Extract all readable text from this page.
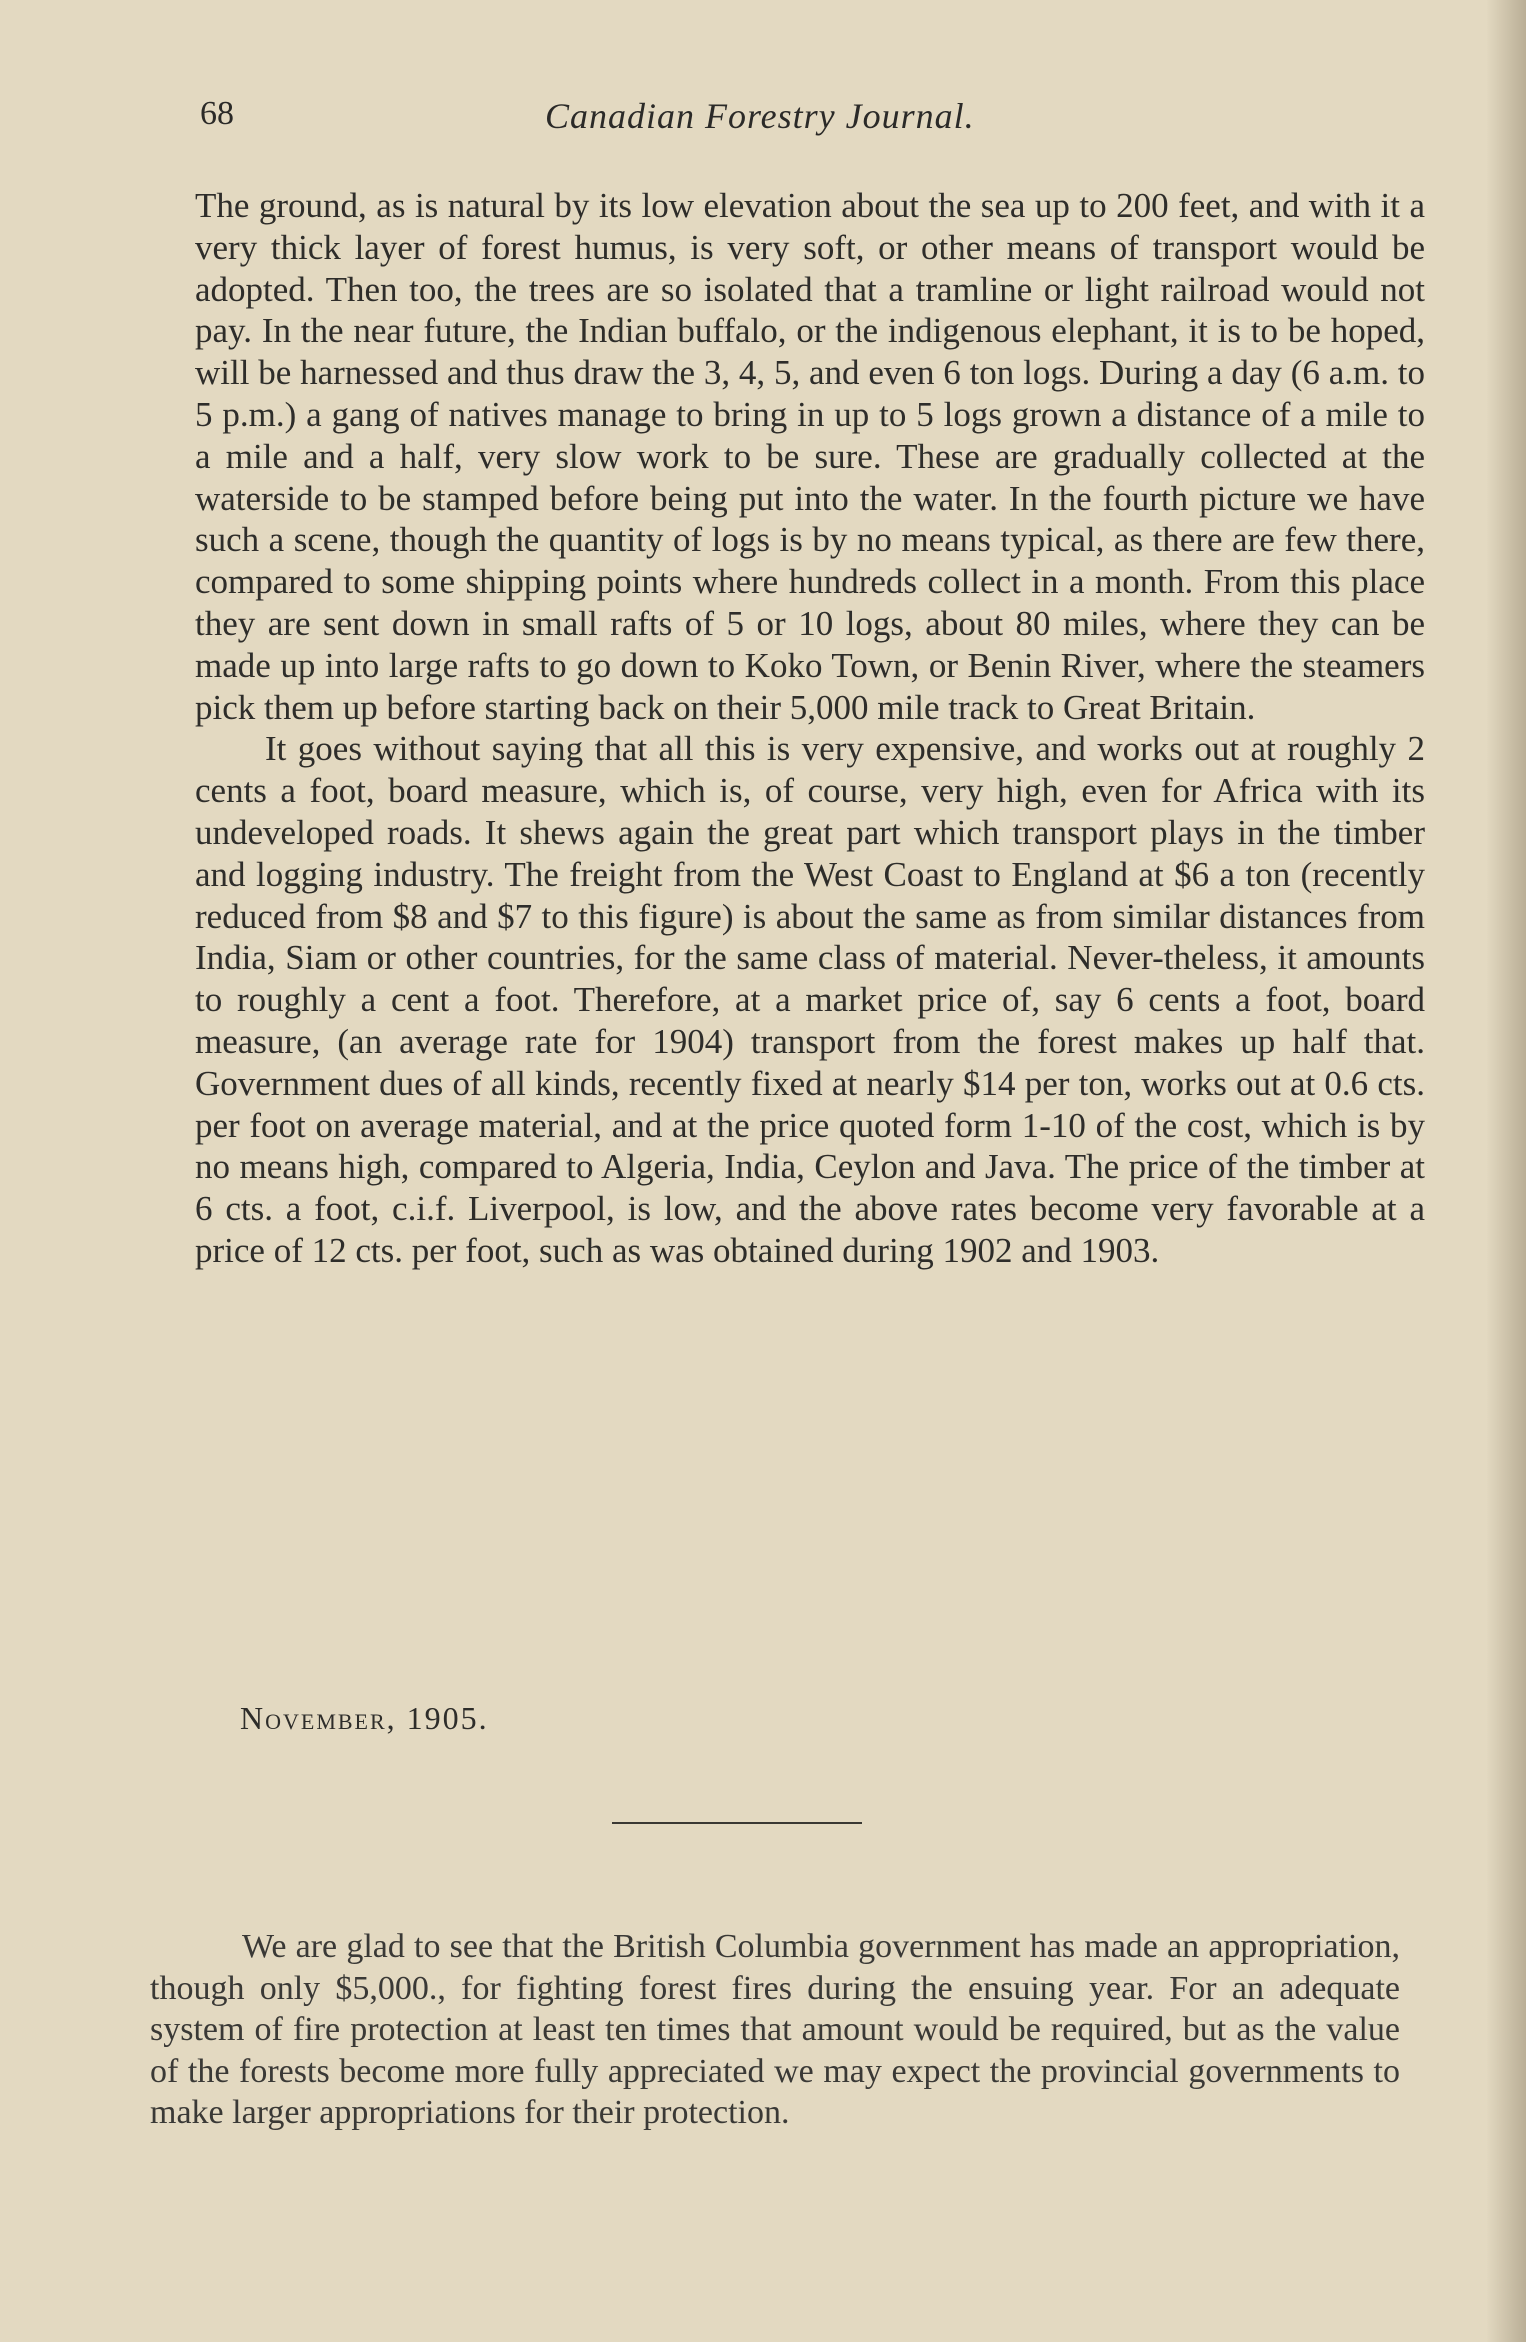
68	Canadian Forestry Journal.

The ground, as is natural by its low elevation about the sea up to 200 feet, and with it a very thick layer of forest humus, is very soft, or other means of transport would be adopted. Then too, the trees are so isolated that a tramline or light railroad would not pay. In the near future, the Indian buffalo, or the indigenous elephant, it is to be hoped, will be harnessed and thus draw the 3, 4, 5, and even 6 ton logs. During a day (6 a.m. to 5 p.m.) a gang of natives manage to bring in up to 5 logs grown a distance of a mile to a mile and a half, very slow work to be sure. These are gradually collected at the waterside to be stamped before being put into the water. In the fourth picture we have such a scene, though the quantity of logs is by no means typical, as there are few there, compared to some shipping points where hundreds collect in a month. From this place they are sent down in small rafts of 5 or 10 logs, about 80 miles, where they can be made up into large rafts to go down to Koko Town, or Benin River, where the steamers pick them up before starting back on their 5,000 mile track to Great Britain.

It goes without saying that all this is very expensive, and works out at roughly 2 cents a foot, board measure, which is, of course, very high, even for Africa with its undeveloped roads. It shews again the great part which transport plays in the timber and logging industry. The freight from the West Coast to England at $6 a ton (recently reduced from $8 and $7 to this figure) is about the same as from similar distances from India, Siam or other countries, for the same class of material. Never-theless, it amounts to roughly a cent a foot. Therefore, at a market price of, say 6 cents a foot, board measure, (an average rate for 1904) transport from the forest makes up half that. Government dues of all kinds, recently fixed at nearly $14 per ton, works out at 0.6 cts. per foot on average material, and at the price quoted form 1-10 of the cost, which is by no means high, compared to Algeria, India, Ceylon and Java. The price of the timber at 6 cts. a foot, c.i.f. Liverpool, is low, and the above rates become very favorable at a price of 12 cts. per foot, such as was obtained during 1902 and 1903.

November, 1905.

We are glad to see that the British Columbia government has made an appropriation, though only $5,000., for fighting forest fires during the ensuing year. For an adequate system of fire protection at least ten times that amount would be required, but as the value of the forests become more fully appreciated we may expect the provincial governments to make larger appropriations for their protection.
